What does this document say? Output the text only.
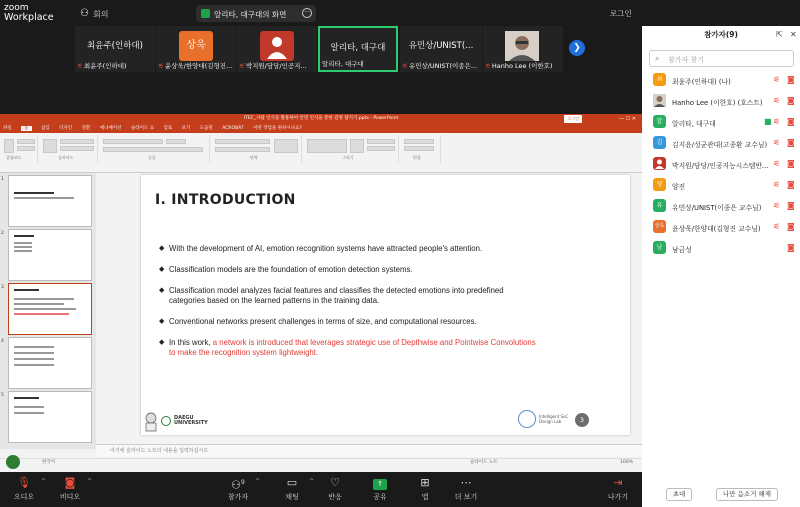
zoom
Workplace	⚇ 회의	알리타, 대구대의 화면	···	로그인
최윤주(인하대)
⚟최윤주(인하대)
상욱
⚟윤상욱/한양대(김형진... ⚟박지원/담당/인공지...
알리타, 대구대
알리타, 대구대
유민상/UNIST(...
⚟유민상/UNIST(이종은... ⚟Hanho Lee (이한호)
❯
ITEC_사람 인식을 활용하여 안면 인식을 통한 감정 탐지기.pptx - PowerPoint	로그인	— ☐ ✕
파일	홈	삽입 디자인 전환 애니메이션 슬라이드 쇼 검토 보기 도움말 ACROBAT 어떤 작업을 원하시나요?
클립보드	슬라이드	글꼴	단락	그리기	편집
1
2
3
4
5
여기에 슬라이드 노트의 내용을 입력하십시오
한국어	슬라이드 노트	100%
I. INTRODUCTION
◆ With the development of AI, emotion recognition systems have attracted people's attention.
◆ Classification models are the foundation of emotion detection systems.
◆ Classification model analyzes facial features and classifies the detected emotions into predefined categories based on the learned patterns in the training data.
◆ Conventional networks present challenges in terms of size, and computational resources.
◆ In this work, a network is introduced that leverages strategic use of Depthwise and Pointwise Convolutions to make the recognition system lightweight.
DAEGU UNIVERSITY
Intelligent SoC Design Lab	3
🎙
오디오
^	◙
비디오
^	⚇$^9$
참가자
^	▭
채팅
^	♡
반응
↑
공유
⊞
앱
⋯
더 보기
⇥
나가기
참가자(9)	⇱ ✕
⌕ 참가자 찾기
최	최윤주(인하대) (나)	⚟ ◙
Hanho Lee (이한호) (호스트)	⚟ ◙
알	알리타, 대구대	■ ⚟ ◙
김	김지윤/성균관대(고종환 교수님) ⚟ ◙
박지원/담당/인공지능시스템반... ⚟ ◙
양	양진	⚟ ◙
유	유민상/UNIST(이종은 교수님)	⚟ ◙
상욱 윤상욱/한양대(김형진 교수님)	⚟ ◙
남	남금성	◙
초대	나만 음소거 해제
